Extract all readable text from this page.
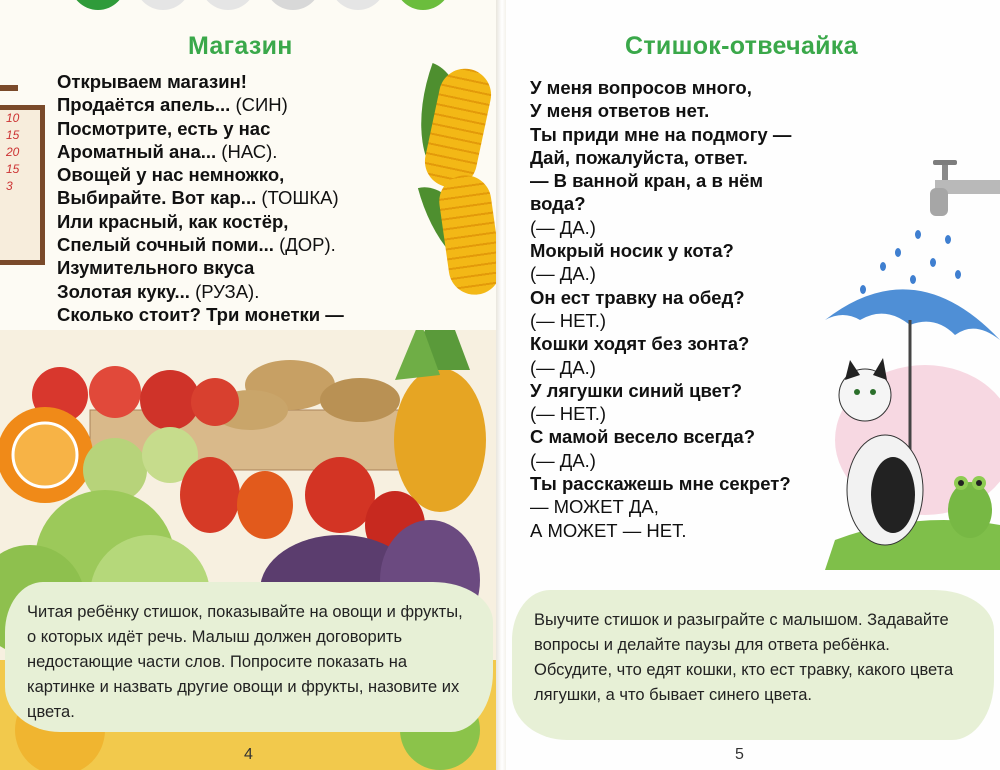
10
15
20
15
3
Магазин
Открываем магазин!
Продаётся апель... (СИН)
Посмотрите, есть у нас
Ароматный ана... (НАС).
Овощей у нас немножко,
Выбирайте. Вот кар... (ТОШКА)
Или красный, как костёр,
Спелый сочный поми... (ДОР).
Изумительного вкуса
Золотая куку... (РУЗА).
Сколько стоит? Три монетки —

Читая ребёнку стишок, показывайте на овощи и фрукты, о которых идёт речь. Малыш должен договорить недостающие части слов. Попросите показать на картинке и назвать другие овощи и фрукты, назовите их цвета.

4
Стишок-отвечайка
У меня вопросов много,
У меня ответов нет.
Ты приди мне на подмогу —
Дай, пожалуйста, ответ.
— В ванной кран, а в нём
вода?
(— ДА.)
Мокрый носик у кота?
(— ДА.)
Он ест травку на обед?
(— НЕТ.)
Кошки ходят без зонта?
(— ДА.)
У лягушки синий цвет?
(— НЕТ.)
С мамой весело всегда?
(— ДА.)
Ты расскажешь мне секрет?
— МОЖЕТ ДА,
А МОЖЕТ — НЕТ.

Выучите стишок и разыграйте с малышом. Задавайте вопросы и делайте паузы для ответа ребёнка. Обсудите, что едят кошки, кто ест травку, какого цвета лягушки, а что бывает синего цвета.

5
